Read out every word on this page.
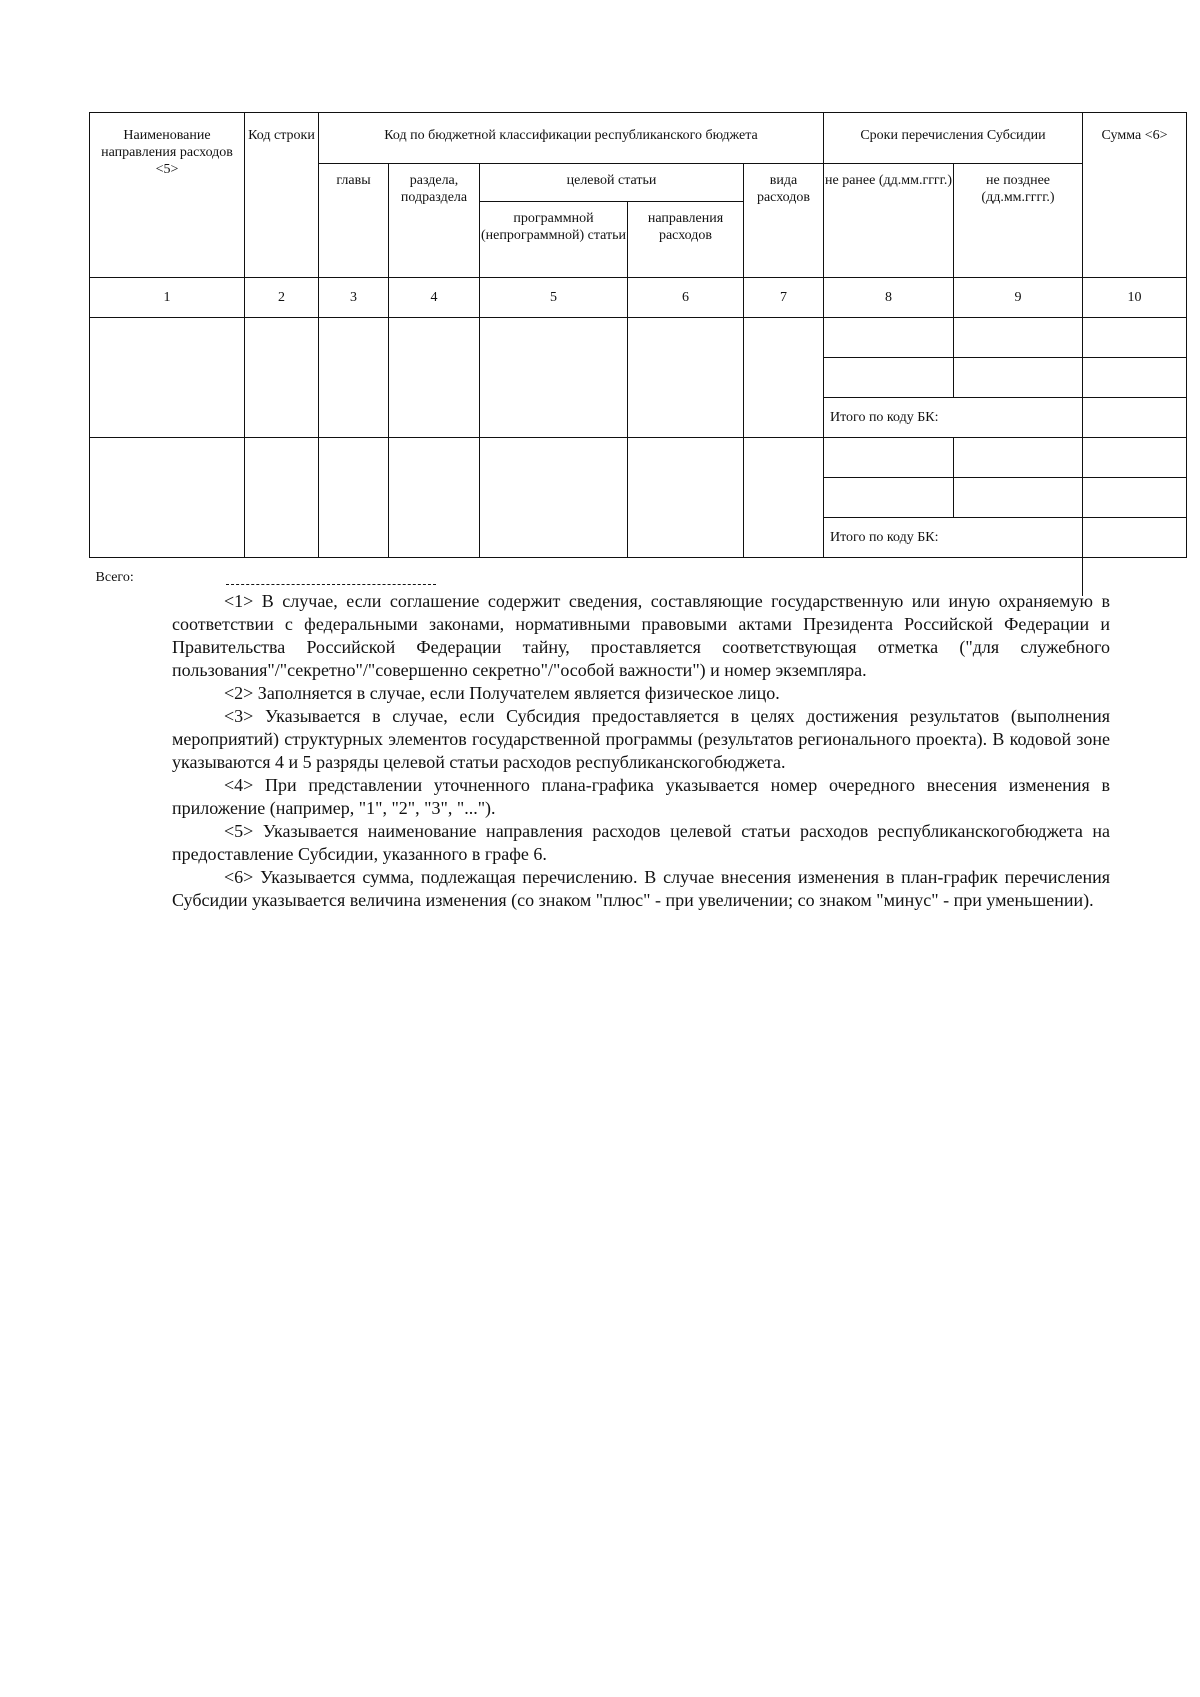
Наименование направления расходов <5>	Код строки	Код по бюджетной классификации республиканского бюджета					Сроки перечисления Субсидии		Сумма <6>
		главы	раздела, подраздела	целевой статьи		вида расходов	не ранее (дд.мм.гггг.)	не позднее (дд.мм.гггг.)	
				программной (непрограммной) статьи	направления расходов				
1	2	3	4	5	6	7	8	9	10

							Итого по коду БК:		

							Итого по коду БК:		
Всего:									

<1> В случае, если соглашение содержит сведения, составляющие государственную или иную охраняемую в соответствии с федеральными законами, нормативными правовыми актами Президента Российской Федерации и Правительства Российской Федерации тайну, проставляется соответствующая отметка ("для служебного пользования"/"секретно"/"совершенно секретно"/"особой важности") и номер экземпляра.

<2> Заполняется в случае, если Получателем является физическое лицо.

<3> Указывается в случае, если Субсидия предоставляется в целях достижения результатов (выполнения мероприятий) структурных элементов государственной программы (результатов регионального проекта). В кодовой зоне указываются 4 и 5 разряды целевой статьи расходов республиканскогобюджета.

<4> При представлении уточненного плана-графика указывается номер очередного внесения изменения в приложение (например, "1", "2", "3", "...").

<5> Указывается наименование направления расходов целевой статьи расходов республиканскогобюджета на предоставление Субсидии, указанного в графе 6.

<6> Указывается сумма, подлежащая перечислению. В случае внесения изменения в план-график перечисления Субсидии указывается величина изменения (со знаком "плюс" - при увеличении; со знаком "минус" - при уменьшении).
